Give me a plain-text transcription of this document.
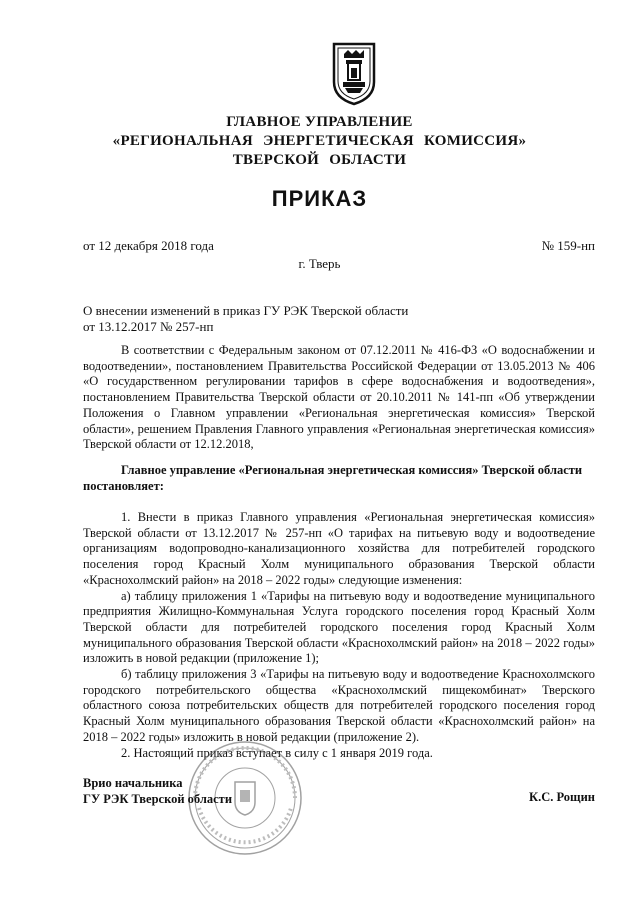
ГЛАВНОЕ УПРАВЛЕНИЕ
«РЕГИОНАЛЬНАЯ ЭНЕРГЕТИЧЕСКАЯ КОМИССИЯ»
ТВЕРСКОЙ ОБЛАСТИ
ПРИКАЗ
от 12 декабря 2018 года	№ 159-нп
г. Тверь
О внесении изменений в приказ ГУ РЭК Тверской области от 13.12.2017 № 257-нп
В соответствии с Федеральным законом от 07.12.2011 № 416-ФЗ «О водоснабжении и водоотведении», постановлением Правительства Российской Федерации от 13.05.2013 № 406 «О государственном регулировании тарифов в сфере водоснабжения и водоотведения», постановлением Правительства Тверской области от 20.10.2011 № 141-пп «Об утверждении Положения о Главном управлении «Региональная энергетическая комиссия» Тверской области», решением Правления Главного управления «Региональная энергетическая комиссия» Тверской области от 12.12.2018,
Главное управление «Региональная энергетическая комиссия» Тверской области постановляет:

1. Внести в приказ Главного управления «Региональная энергетическая комиссия» Тверской области от 13.12.2017 № 257-нп «О тарифах на питьевую воду и водоотведение организациям водопроводно-канализационного хозяйства для потребителей городского поселения город Красный Холм муниципального образования Тверской области «Краснохолмский район» на 2018 – 2022 годы» следующие изменения:

а) таблицу приложения 1 «Тарифы на питьевую воду и водоотведение муниципального предприятия Жилищно-Коммунальная Услуга городского поселения город Красный Холм Тверской области для потребителей городского поселения город Красный Холм муниципального образования Тверской области «Краснохолмский район» на 2018 – 2022 годы» изложить в новой редакции (приложение 1);

б) таблицу приложения 3 «Тарифы на питьевую воду и водоотведение Краснохолмского городского потребительского общества «Краснохолмский пищекомбинат» Тверского областного союза потребительских обществ для потребителей городского поселения город Красный Холм муниципального образования Тверской области «Краснохолмский район» на 2018 – 2022 годы» изложить в новой редакции (приложение 2).

2. Настоящий приказ вступает в силу с 1 января 2019 года.

Врио начальника
ГУ РЭК Тверской области	К.С. Рощин
